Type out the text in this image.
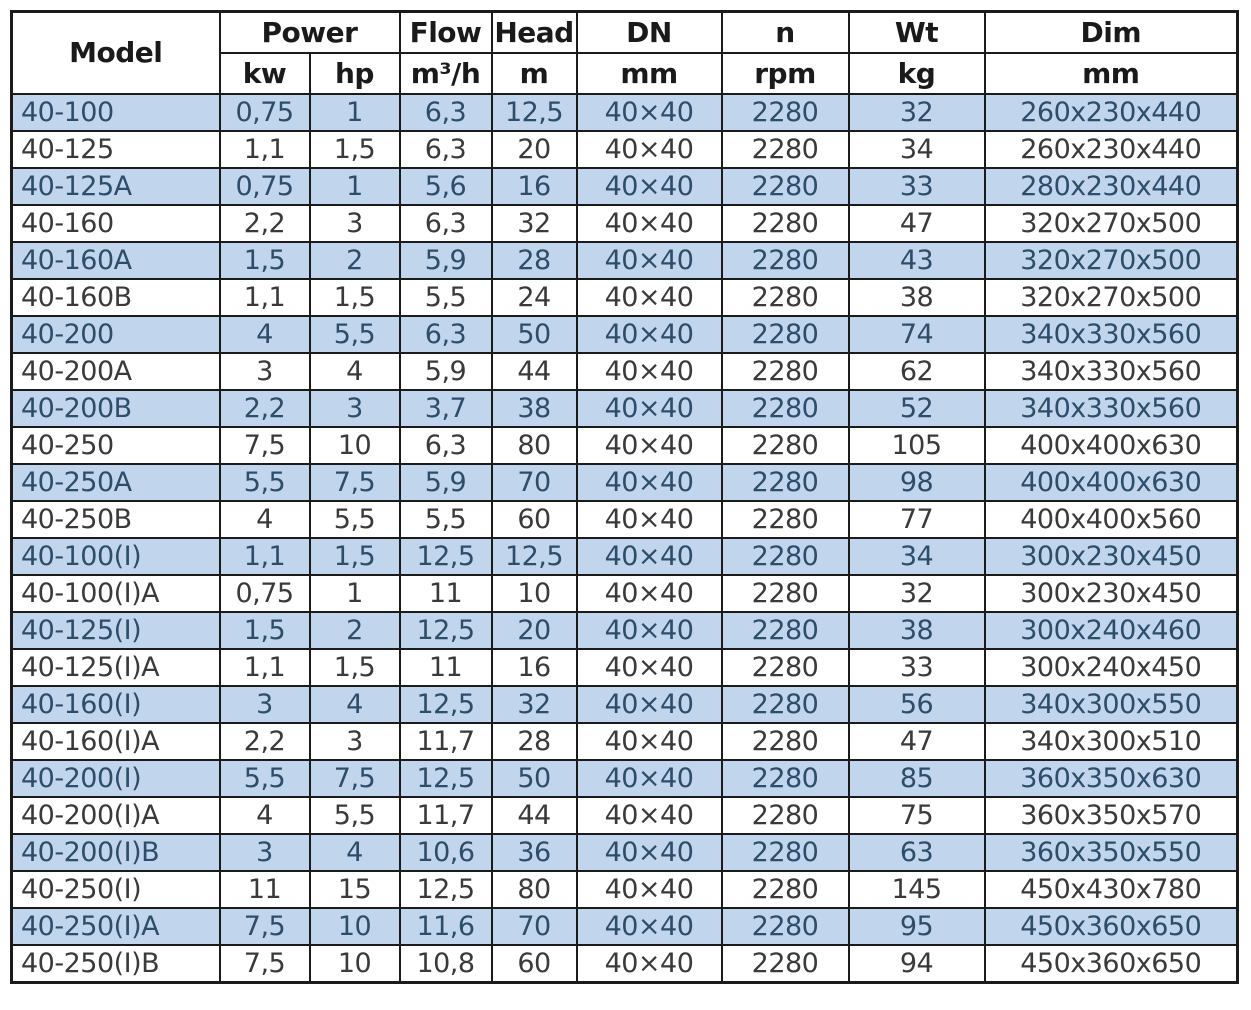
Model	Power		Flow	Head	DN	n	Wt	Dim
	kw	hp	m³/h	m	mm	rpm	kg	mm
40-100	0,75	1	6,3	12,5	40×40	2280	32	260x230x440
40-125	1,1	1,5	6,3	20	40×40	2280	34	260x230x440
40-125A	0,75	1	5,6	16	40×40	2280	33	280x230x440
40-160	2,2	3	6,3	32	40×40	2280	47	320x270x500
40-160A	1,5	2	5,9	28	40×40	2280	43	320x270x500
40-160B	1,1	1,5	5,5	24	40×40	2280	38	320x270x500
40-200	4	5,5	6,3	50	40×40	2280	74	340x330x560
40-200A	3	4	5,9	44	40×40	2280	62	340x330x560
40-200B	2,2	3	3,7	38	40×40	2280	52	340x330x560
40-250	7,5	10	6,3	80	40×40	2280	105	400x400x630
40-250A	5,5	7,5	5,9	70	40×40	2280	98	400x400x630
40-250B	4	5,5	5,5	60	40×40	2280	77	400x400x560
40-100(I)	1,1	1,5	12,5	12,5	40×40	2280	34	300x230x450
40-100(I)A	0,75	1	11	10	40×40	2280	32	300x230x450
40-125(I)	1,5	2	12,5	20	40×40	2280	38	300x240x460
40-125(I)A	1,1	1,5	11	16	40×40	2280	33	300x240x450
40-160(I)	3	4	12,5	32	40×40	2280	56	340x300x550
40-160(I)A	2,2	3	11,7	28	40×40	2280	47	340x300x510
40-200(I)	5,5	7,5	12,5	50	40×40	2280	85	360x350x630
40-200(I)A	4	5,5	11,7	44	40×40	2280	75	360x350x570
40-200(I)B	3	4	10,6	36	40×40	2280	63	360x350x550
40-250(I)	11	15	12,5	80	40×40	2280	145	450x430x780
40-250(I)A	7,5	10	11,6	70	40×40	2280	95	450x360x650
40-250(I)B	7,5	10	10,8	60	40×40	2280	94	450x360x650
